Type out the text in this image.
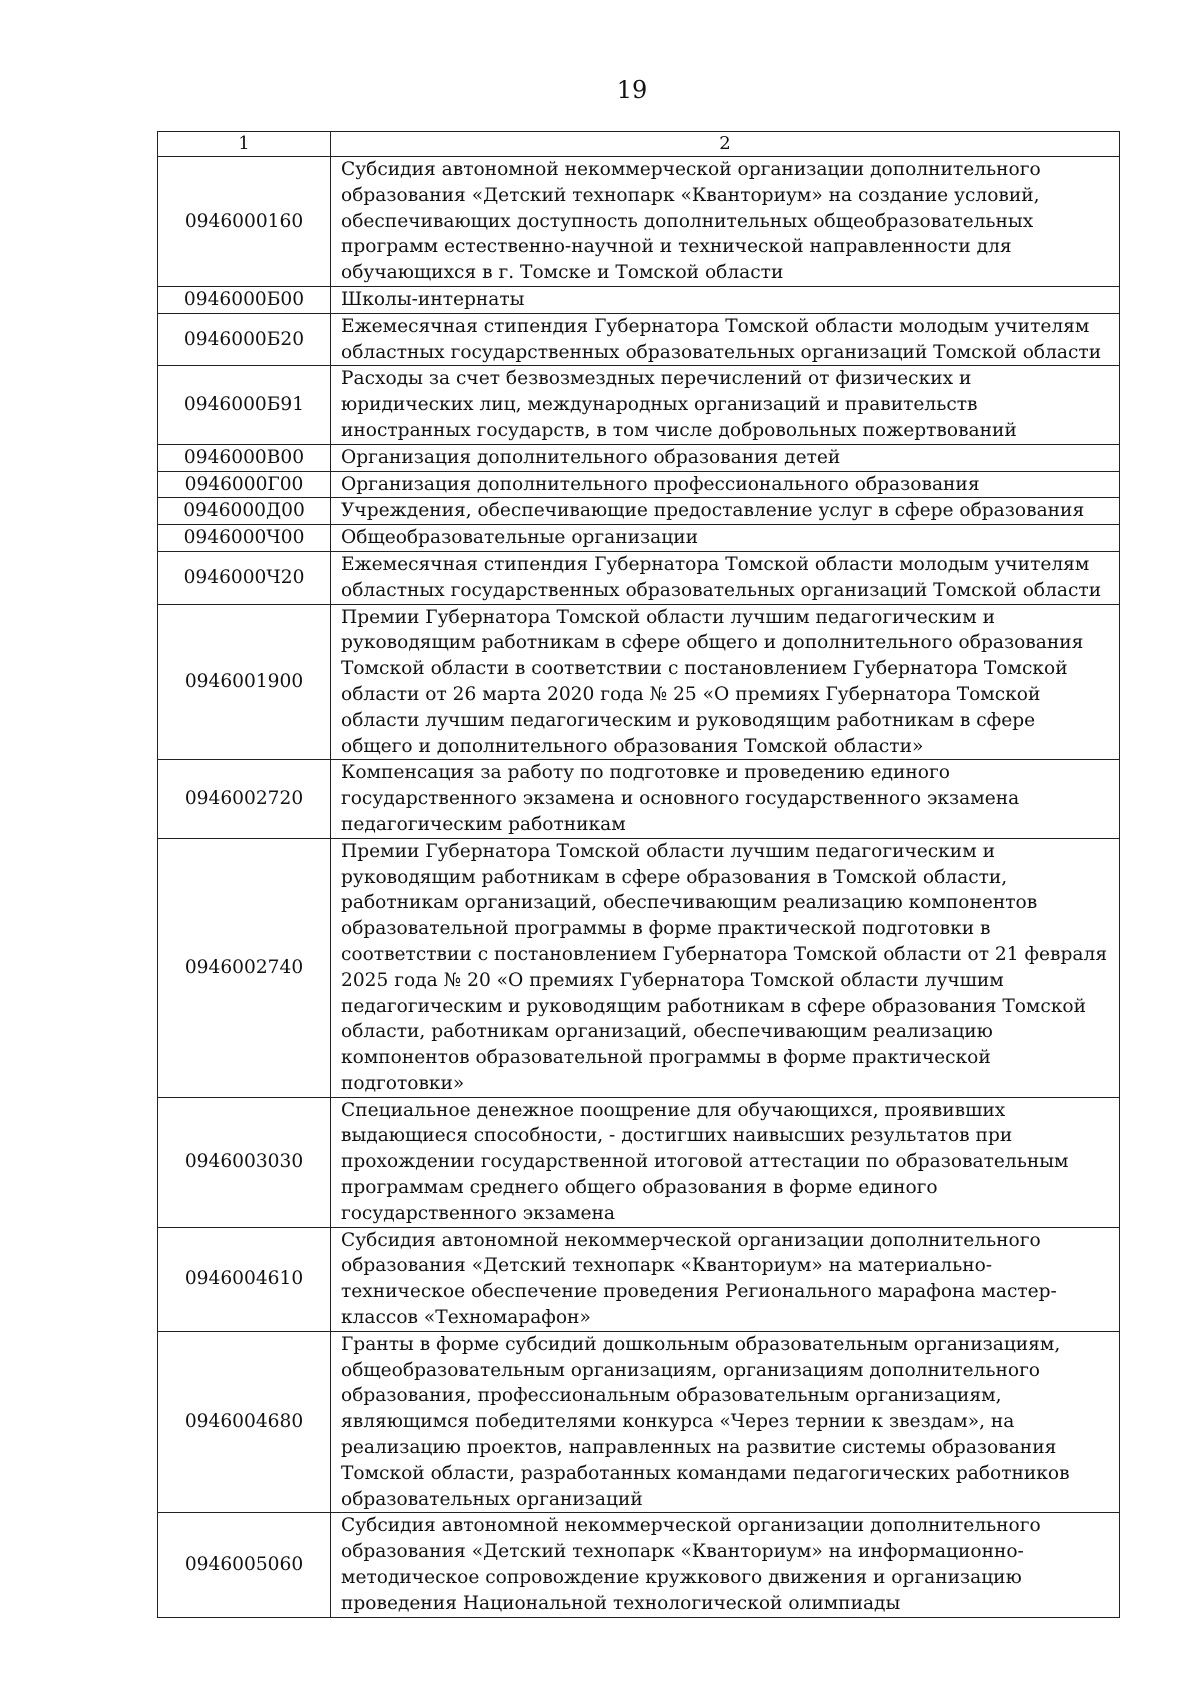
19
1	2
0946000160	Субсидия автономной некоммерческой организации дополнительного образования «Детский технопарк «Кванториум» на создание условий, обеспечивающих доступность дополнительных общеобразовательных программ естественно-научной и технической направленности для обучающихся в г. Томске и Томской области
0946000Б00	Школы-интернаты
0946000Б20	Ежемесячная стипендия Губернатора Томской области молодым учителям областных государственных образовательных организаций Томской области
0946000Б91	Расходы за счет безвозмездных перечислений от физических и юридических лиц, международных организаций и правительств иностранных государств, в том числе добровольных пожертвований
0946000В00	Организация дополнительного образования детей
0946000Г00	Организация дополнительного профессионального образования
0946000Д00	Учреждения, обеспечивающие предоставление услуг в сфере образования
0946000Ч00	Общеобразовательные организации
0946000Ч20	Ежемесячная стипендия Губернатора Томской области молодым учителям областных государственных образовательных организаций Томской области
0946001900	Премии Губернатора Томской области лучшим педагогическим и руководящим работникам в сфере общего и дополнительного образования Томской области в соответствии с постановлением Губернатора Томской области от 26 марта 2020 года № 25 «О премиях Губернатора Томской области лучшим педагогическим и руководящим работникам в сфере общего и дополнительного образования Томской области»
0946002720	Компенсация за работу по подготовке и проведению единого государственного экзамена и основного государственного экзамена педагогическим работникам
0946002740	Премии Губернатора Томской области лучшим педагогическим и руководящим работникам в сфере образования в Томской области, работникам организаций, обеспечивающим реализацию компонентов образовательной программы в форме практической подготовки в соответствии с постановлением Губернатора Томской области от 21 февраля 2025 года № 20 «О премиях Губернатора Томской области лучшим педагогическим и руководящим работникам в сфере образования Томской области, работникам организаций, обеспечивающим реализацию компонентов образовательной программы в форме практической подготовки»
0946003030	Специальное денежное поощрение для обучающихся, проявивших выдающиеся способности, - достигших наивысших результатов при прохождении государственной итоговой аттестации по образовательным программам среднего общего образования в форме единого государственного экзамена
0946004610	Субсидия автономной некоммерческой организации дополнительного образования «Детский технопарк «Кванториум» на материально-техническое обеспечение проведения Регионального марафона мастер-классов «Техномарафон»
0946004680	Гранты в форме субсидий дошкольным образовательным организациям, общеобразовательным организациям, организациям дополнительного образования, профессиональным образовательным организациям, являющимся победителями конкурса «Через тернии к звездам», на реализацию проектов, направленных на развитие системы образования Томской области, разработанных командами педагогических работников образовательных организаций
0946005060	Субсидия автономной некоммерческой организации дополнительного образования «Детский технопарк «Кванториум» на информационно-методическое сопровождение кружкового движения и организацию проведения Национальной технологической олимпиады
